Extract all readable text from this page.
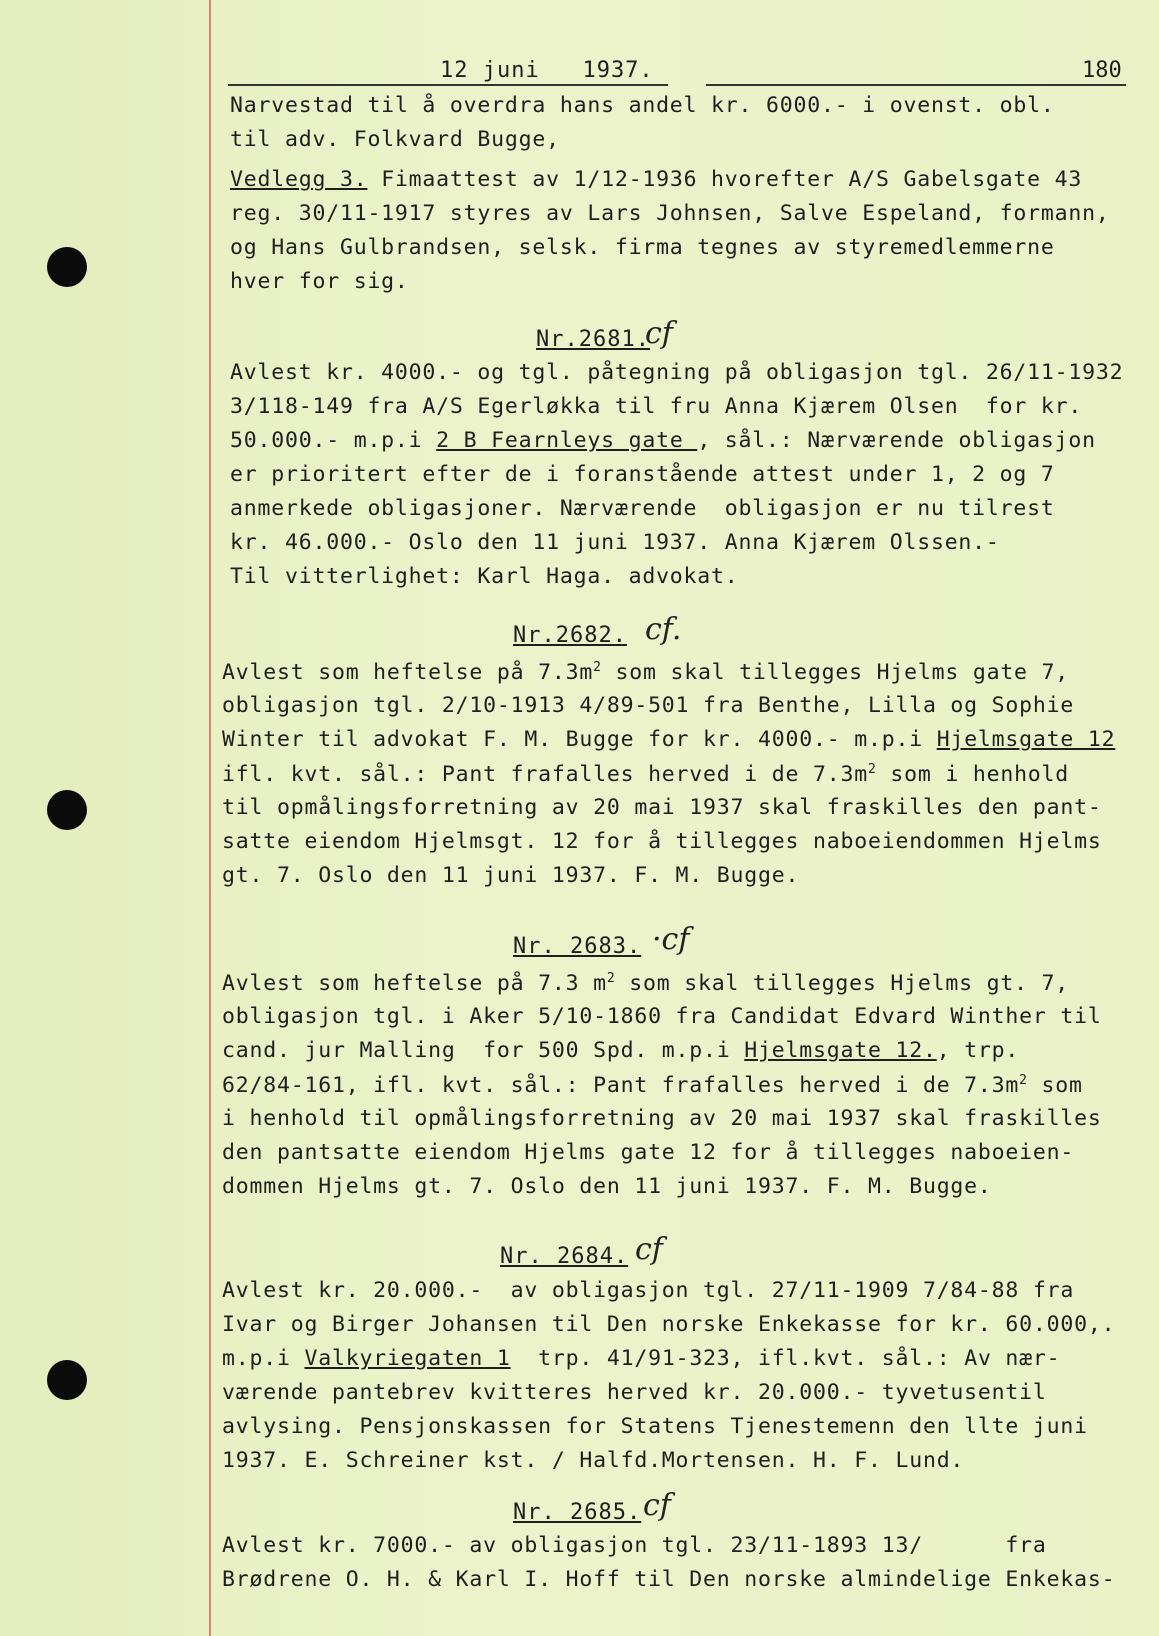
12 juni   1937.	180
Narvestad til å overdra hans andel kr. 6000.- i ovenst. obl.
til adv. Folkvard Bugge,
Vedlegg 3. Fimaattest av 1/12-1936 hvorefter A/S Gabelsgate 43
reg. 30/11-1917 styres av Lars Johnsen, Salve Espeland, formann,
og Hans Gulbrandsen, selsk. firma tegnes av styremedlemmerne
hver for sig.
Nr.2681.
cf
Avlest kr. 4000.- og tgl. påtegning på obligasjon tgl. 26/11-1932
3/118-149 fra A/S Egerløkka til fru Anna Kjærem Olsen  for kr.
50.000.- m.p.i 2 B Fearnleys gate , sål.: Nærværende obligasjon
er prioritert efter de i foranstående attest under 1, 2 og 7
anmerkede obligasjoner. Nærværende  obligasjon er nu tilrest
kr. 46.000.- Oslo den 11 juni 1937. Anna Kjærem Olssen.-
Til vitterlighet: Karl Haga. advokat.
Nr.2682. cf.
Avlest som heftelse på $7.3m^2$ som skal tillegges Hjelms gate 7,
obligasjon tgl. 2/10-1913 4/89-501 fra Benthe, Lilla og Sophie
Winter til advokat F. M. Bugge for kr. 4000.- m.p.i Hjelmsgate 12
ifl. kvt. sål.: Pant frafalles herved i de $7.3m^2$ som i henhold
til opmålingsforretning av 20 mai 1937 skal fraskilles den pant-
satte eiendom Hjelmsgt. 12 for å tillegges naboeiendommen Hjelms
gt. 7. Oslo den 11 juni 1937. F. M. Bugge.
Nr. 2683. ·cf
Avlest som heftelse på 7.3 $m^2$ som skal tillegges Hjelms gt. 7,
obligasjon tgl. i Aker 5/10-1860 fra Candidat Edvard Winther til
cand. jur Malling  for 500 Spd. m.p.i Hjelmsgate 12., trp.
62/84-161, ifl. kvt. sål.: Pant frafalles herved i de $7.3m^2$ som
i henhold til opmålingsforretning av 20 mai 1937 skal fraskilles
den pantsatte eiendom Hjelms gate 12 for å tillegges naboeien-
dommen Hjelms gt. 7. Oslo den 11 juni 1937. F. M. Bugge.
Nr. 2684. cf
Avlest kr. 20.000.-  av obligasjon tgl. 27/11-1909 7/84-88 fra
Ivar og Birger Johansen til Den norske Enkekasse for kr. 60.000,.
m.p.i Valkyriegaten 1  trp. 41/91-323, ifl.kvt. sål.: Av nær-
værende pantebrev kvitteres herved kr. 20.000.- tyvetusentil
avlysing. Pensjonskassen for Statens Tjenestemenn den llte juni
1937. E. Schreiner kst. / Halfd.Mortensen. H. F. Lund.
Nr. 2685. cf
Avlest kr. 7000.- av obligasjon tgl. 23/11-1893 13/      fra
Brødrene O. H. & Karl I. Hoff til Den norske almindelige Enkekas-
